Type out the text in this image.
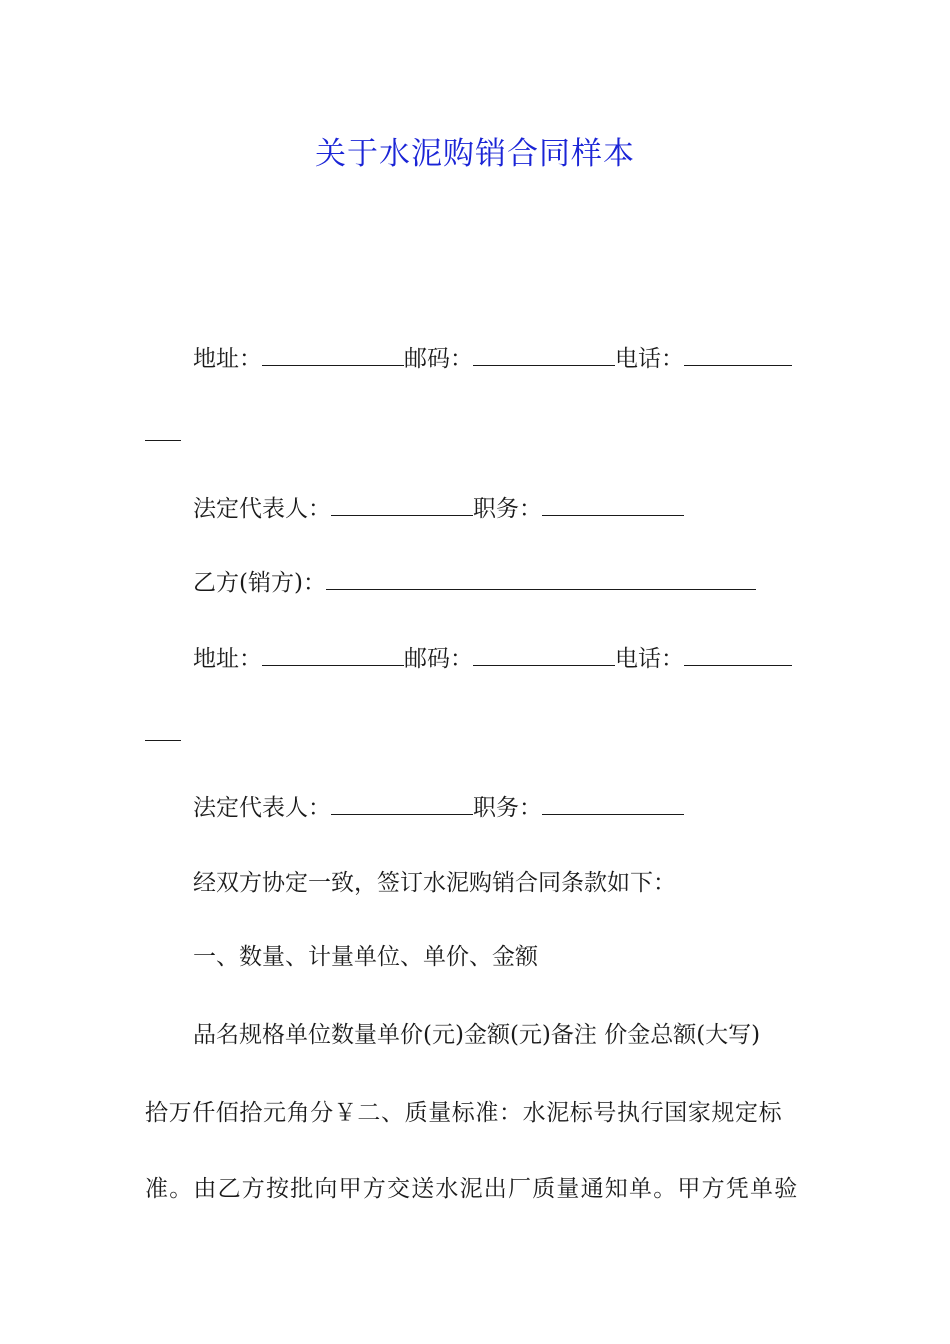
关于水泥购销合同样本
地址：	邮码：	电话：
法定代表人：	职务：
乙方(销方)：
地址：	邮码：	电话：
法定代表人：	职务：
经双方协定一致，签订水泥购销合同条款如下：
一、数量、计量单位、单价、金额
品名规格单位数量单价(元)金额(元)备注 价金总额(大写)
拾万仟佰拾元角分￥二、质量标准：水泥标号执行国家规定标
准。由乙方按批向甲方交送水泥出厂质量通知单。甲方凭单验
